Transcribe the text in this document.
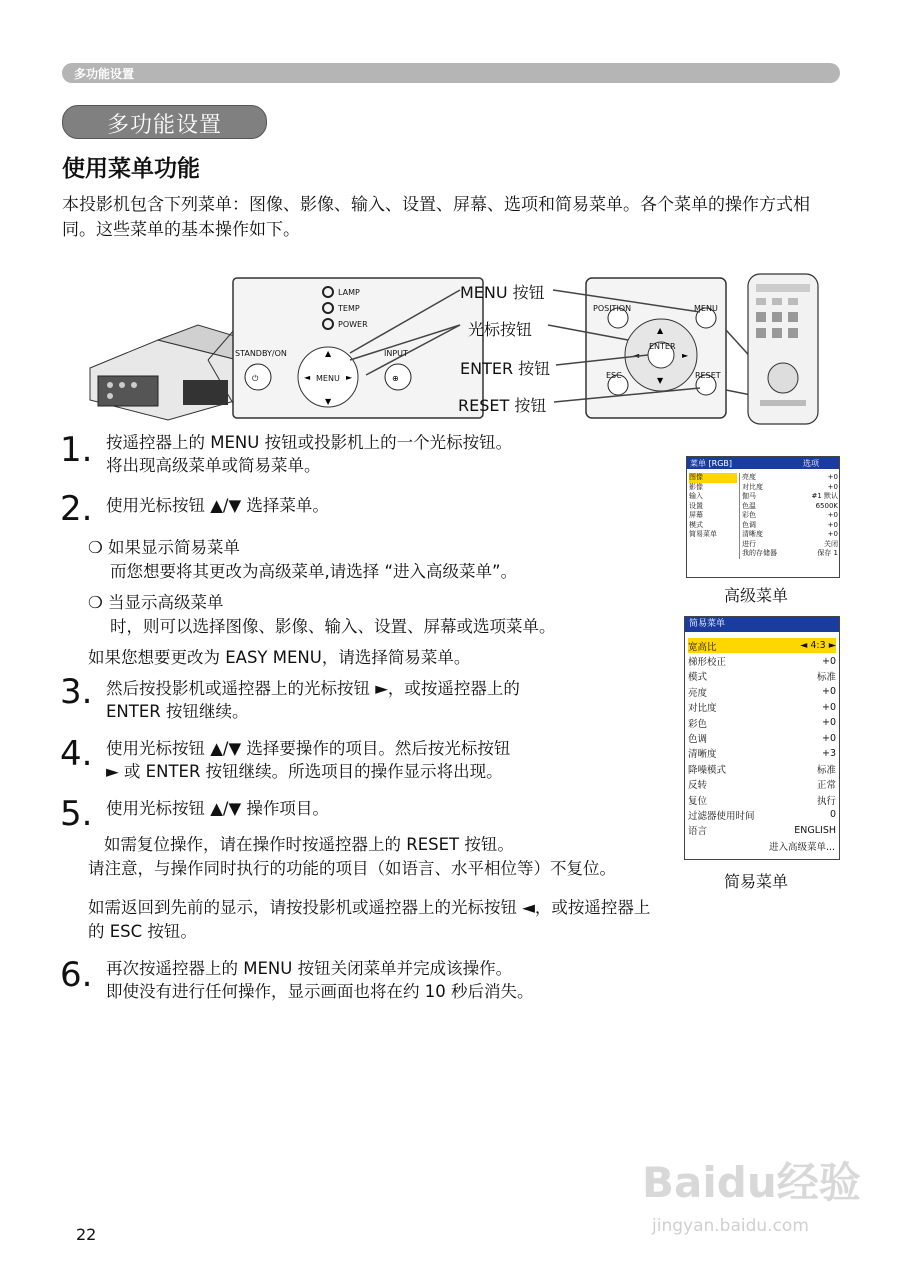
多功能设置
多功能设置
使用菜单功能
本投影机包含下列菜单：图像、影像、输入、设置、屏幕、选项和简易菜单。各个菜单的操作方式相同。这些菜单的基本操作如下。
⏻
▲
▼
◄	►	⊕
▲
▼
◄	►
LAMP
TEMP
POWER
STANDBY/ON	INPUT
MENU
POSITION	MENU
ENTER
ESC	RESET
MENU 按钮
光标按钮
ENTER 按钮
RESET 按钮
1. 按遥控器上的 MENU 按钮或投影机上的一个光标按钮。
将出现高级菜单或简易菜单。
2. 使用光标按钮 ▲/▼ 选择菜单。
❍ 如果显示简易菜单
而您想要将其更改为高级菜单,请选择 “进入高级菜单”。
❍ 当显示高级菜单
时，则可以选择图像、影像、输入、设置、屏幕或选项菜单。
如果您想要更改为 EASY MENU，请选择简易菜单。
3. 然后按投影机或遥控器上的光标按钮 ►，或按遥控器上的
ENTER 按钮继续。
4. 使用光标按钮 ▲/▼ 选择要操作的项目。然后按光标按钮
► 或 ENTER 按钮继续。所选项目的操作显示将出现。
5. 使用光标按钮 ▲/▼ 操作项目。
如需复位操作，请在操作时按遥控器上的 RESET 按钮。
请注意，与操作同时执行的功能的项目（如语言、水平相位等）不复位。
如需返回到先前的显示，请按投影机或遥控器上的光标按钮 ◄，或按遥控器上
的 ESC 按钮。
6. 再次按遥控器上的 MENU 按钮关闭菜单并完成该操作。
即使没有进行任何操作，显示画面也将在约 10 秒后消失。
菜单 [RGB]	选项
图像
影像
输入
设置
屏幕
模式
简易菜单
亮度	+0
对比度	+0
伽马	#1 默认
色温	6500K
彩色	+0
色调	+0
清晰度	+0
进行	关闭
我的存储器	保存 1
高级菜单
简易菜单
宽高比	◄ 4:3 ►
梯形校正	+0
模式	标准
亮度	+0
对比度	+0
彩色	+0
色调	+0
清晰度	+3
降噪模式	标准
反转	正常
复位	执行
过滤器使用时间	0
语言	ENGLISH
进入高级菜单...
简易菜单
22
Baidu经验
jingyan.baidu.com
